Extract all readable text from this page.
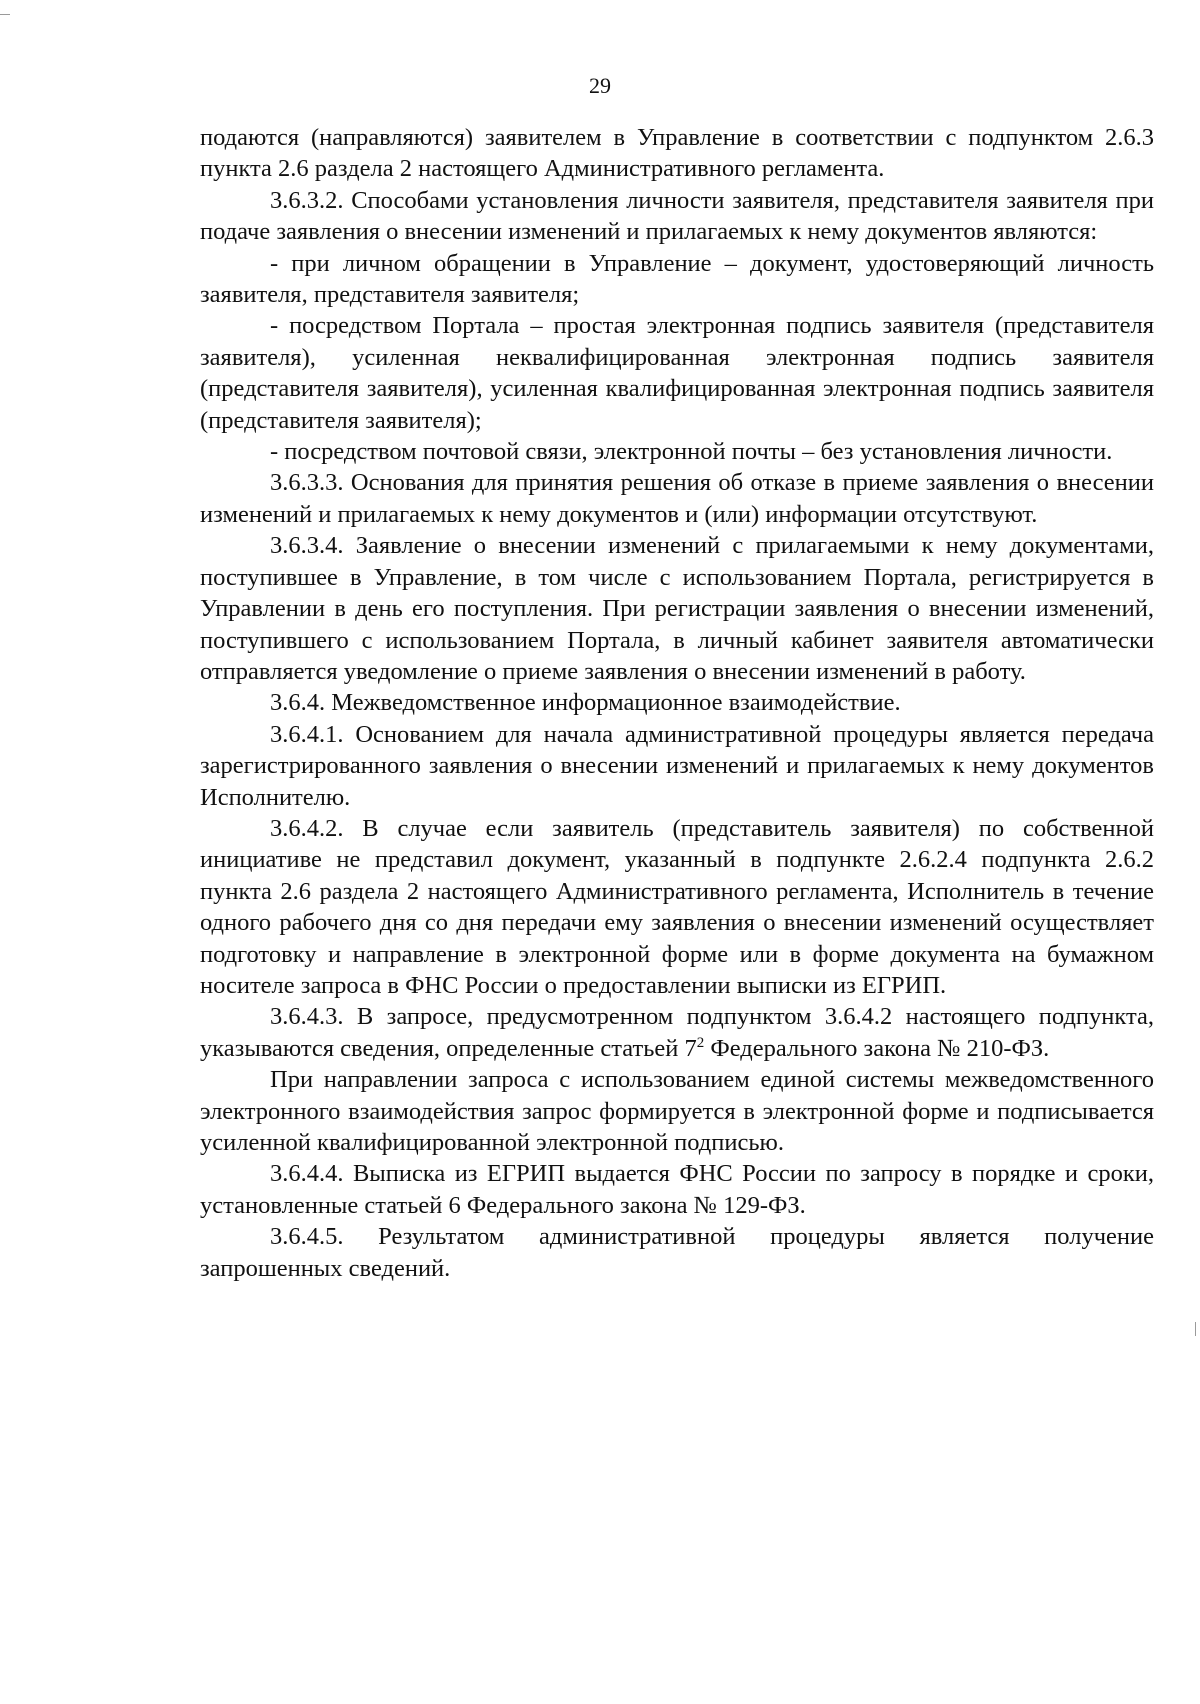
29

подаются (направляются) заявителем в Управление в соответствии с подпунктом 2.6.3 пункта 2.6 раздела 2 настоящего Административного регламента.

3.6.3.2. Способами установления личности заявителя, представителя заявителя при подаче заявления о внесении изменений и прилагаемых к нему документов являются:

- при личном обращении в Управление – документ, удостоверяющий личность заявителя, представителя заявителя;

- посредством Портала – простая электронная подпись заявителя (представителя заявителя), усиленная неквалифицированная электронная подпись заявителя (представителя заявителя), усиленная квалифицированная электронная подпись заявителя (представителя заявителя);

- посредством почтовой связи, электронной почты – без установления личности.

3.6.3.3. Основания для принятия решения об отказе в приеме заявления о внесении изменений и прилагаемых к нему документов и (или) информации отсутствуют.

3.6.3.4. Заявление о внесении изменений с прилагаемыми к нему документами, поступившее в Управление, в том числе с использованием Портала, регистрируется в Управлении в день его поступления. При регистрации заявления о внесении изменений, поступившего с использованием Портала, в личный кабинет заявителя автоматически отправляется уведомление о приеме заявления о внесении изменений в работу.

3.6.4. Межведомственное информационное взаимодействие.

3.6.4.1. Основанием для начала административной процедуры является передача зарегистрированного заявления о внесении изменений и прилагаемых к нему документов Исполнителю.

3.6.4.2. В случае если заявитель (представитель заявителя) по собственной инициативе не представил документ, указанный в подпункте 2.6.2.4 подпункта 2.6.2 пункта 2.6 раздела 2 настоящего Административного регламента, Исполнитель в течение одного рабочего дня со дня передачи ему заявления о внесении изменений осуществляет подготовку и направление в электронной форме или в форме документа на бумажном носителе запроса в ФНС России о предоставлении выписки из ЕГРИП.

3.6.4.3. В запросе, предусмотренном подпунктом 3.6.4.2 настоящего подпункта, указываются сведения, определенные статьей 7$^2$ Федерального закона № 210-ФЗ.

При направлении запроса с использованием единой системы межведомственного электронного взаимодействия запрос формируется в электронной форме и подписывается усиленной квалифицированной электронной подписью.

3.6.4.4. Выписка из ЕГРИП выдается ФНС России по запросу в порядке и сроки, установленные статьей 6 Федерального закона № 129-ФЗ.

3.6.4.5. Результатом административной процедуры является получение запрошенных сведений.
